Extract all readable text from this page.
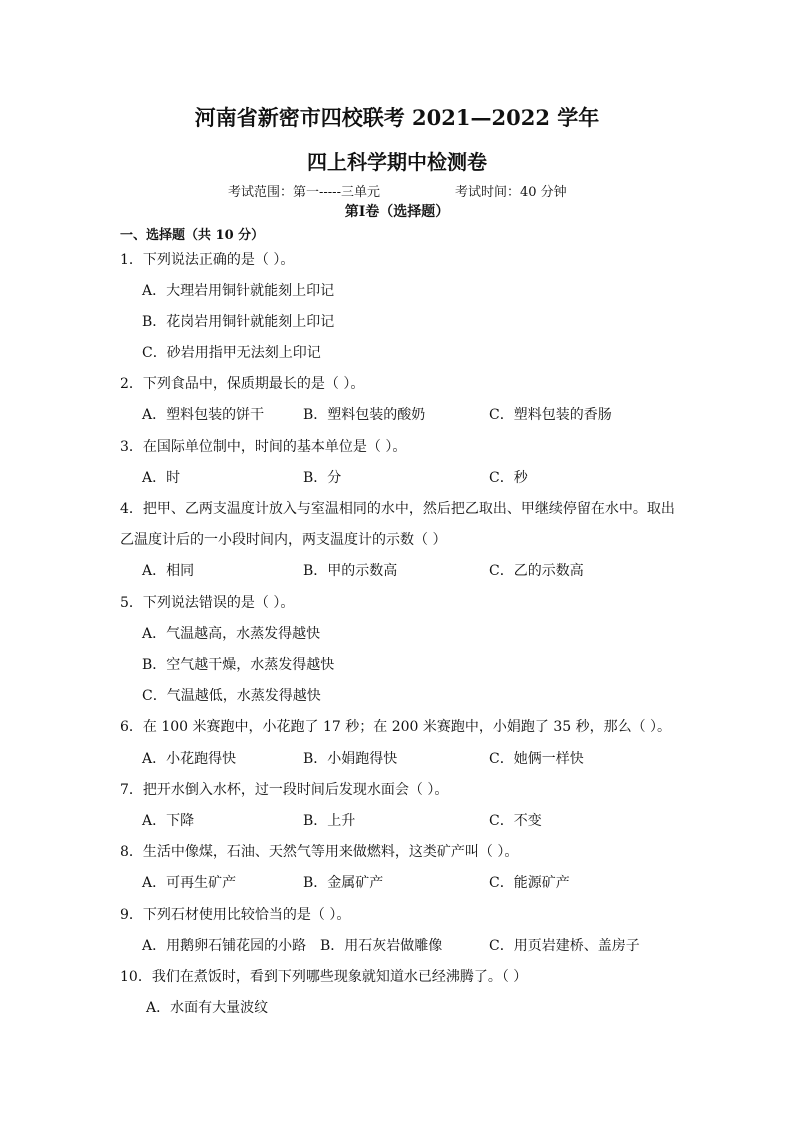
河南省新密市四校联考 2021—2022 学年
四上科学期中检测卷
考试范围：第一-----三单元	考试时间：40 分钟
第Ⅰ卷（选择题）
一、选择题（共 10 分）
1．下列说法正确的是（ ）。
A．大理岩用铜针就能刻上印记
B．花岗岩用铜针就能刻上印记
C．砂岩用指甲无法刻上印记
2．下列食品中，保质期最长的是（ ）。
A．塑料包装的饼干	B．塑料包装的酸奶	C．塑料包装的香肠
3．在国际单位制中，时间的基本单位是（ ）。
A．时	B．分	C．秒
4．把甲、乙两支温度计放入与室温相同的水中，然后把乙取出、甲继续停留在水中。取出
乙温度计后的一小段时间内，两支温度计的示数（ ）
A．相同	B．甲的示数高	C．乙的示数高
5．下列说法错误的是（ ）。
A．气温越高，水蒸发得越快
B．空气越干燥，水蒸发得越快
C．气温越低，水蒸发得越快
6．在 100 米赛跑中，小花跑了 17 秒；在 200 米赛跑中，小娟跑了 35 秒，那么（ ）。
A．小花跑得快	B．小娟跑得快	C．她俩一样快
7．把开水倒入水杯，过一段时间后发现水面会（ ）。
A．下降	B．上升	C．不变
8．生活中像煤，石油、天然气等用来做燃料，这类矿产叫（ ）。
A．可再生矿产	B．金属矿产	C．能源矿产
9．下列石材使用比较恰当的是（ ）。
A．用鹅卵石铺花园的小路 B．用石灰岩做雕像	C．用页岩建桥、盖房子
10．我们在煮饭时，看到下列哪些现象就知道水已经沸腾了。（ ）
A．水面有大量波纹
